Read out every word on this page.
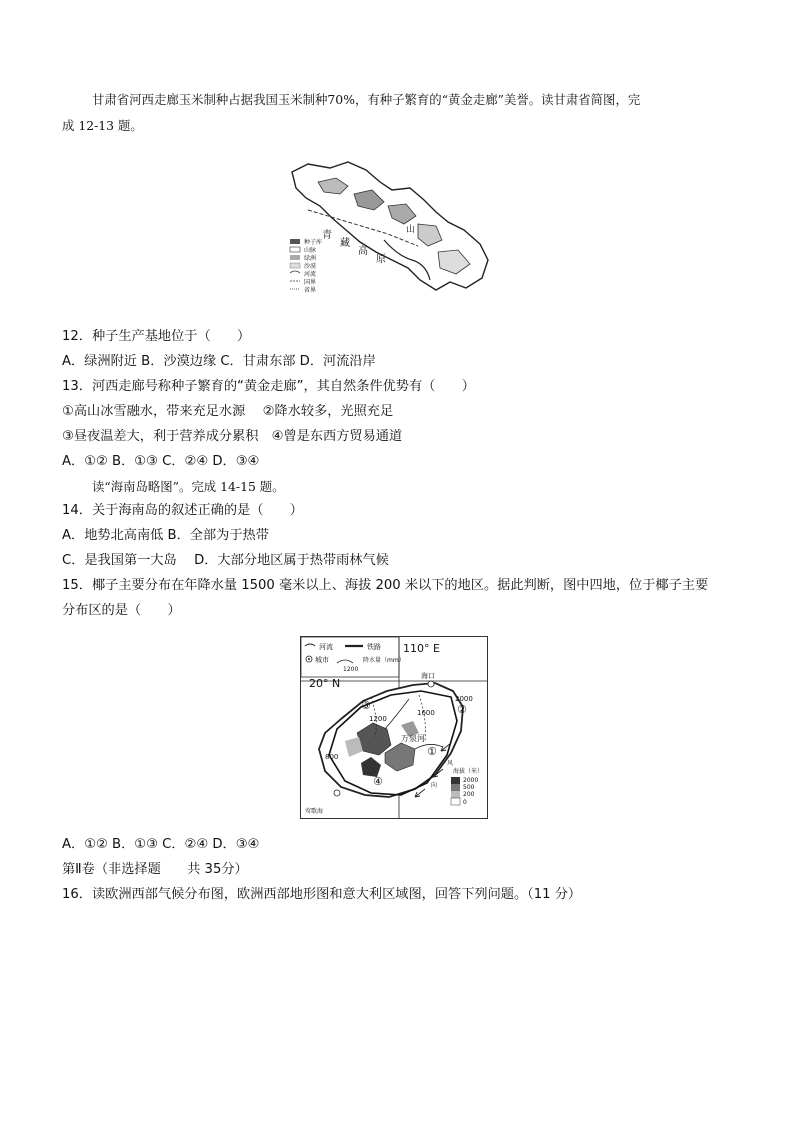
甘肃省河西走廊玉米制种占据我国玉米制种70%，有种子繁育的“黄金走廊”美誉。读甘肃省简图，完
成 12-13 题。
青
藏
高
原
山
种子库
山脉
绿洲
沙漠
河流
国界
省界
12．种子生产基地位于（　　）
A．绿洲附近 B．沙漠边缘 C．甘肃东部 D．河流沿岸
13．河西走廊号称种子繁育的“黄金走廊”，其自然条件优势有（　　）
①高山冰雪融水，带来充足水源　 ②降水较多，光照充足
③昼夜温差大，利于营养成分累积　④曾是东西方贸易通道
A．①② B．①③ C．②④ D．③④
读“海南岛略图”。完成 14-15 题。
14．关于海南岛的叙述正确的是（　　）
A．地势北高南低 B．全部为于热带
C．是我国第一大岛　 D．大部分地区属于热带雨林气候
15．椰子主要分布在年降水量 1500 毫米以上、海拔 200 米以下的地区。据此判断，图中四地，位于椰子主要
分布区的是（　　）
河流	铁路
城市
1200
降水量（mm）
110° E
20° N
海口
莺歌海
万泉河
1200
1600
2000
800	①
②
③
④
风
向
海拔（米）
2000
500
200
0
A．①② B．①③ C．②④ D．③④
第Ⅱ卷（非选择题　　共 35分）
16．读欧洲西部气候分布图，欧洲西部地形图和意大利区域图，回答下列问题。（11 分）
